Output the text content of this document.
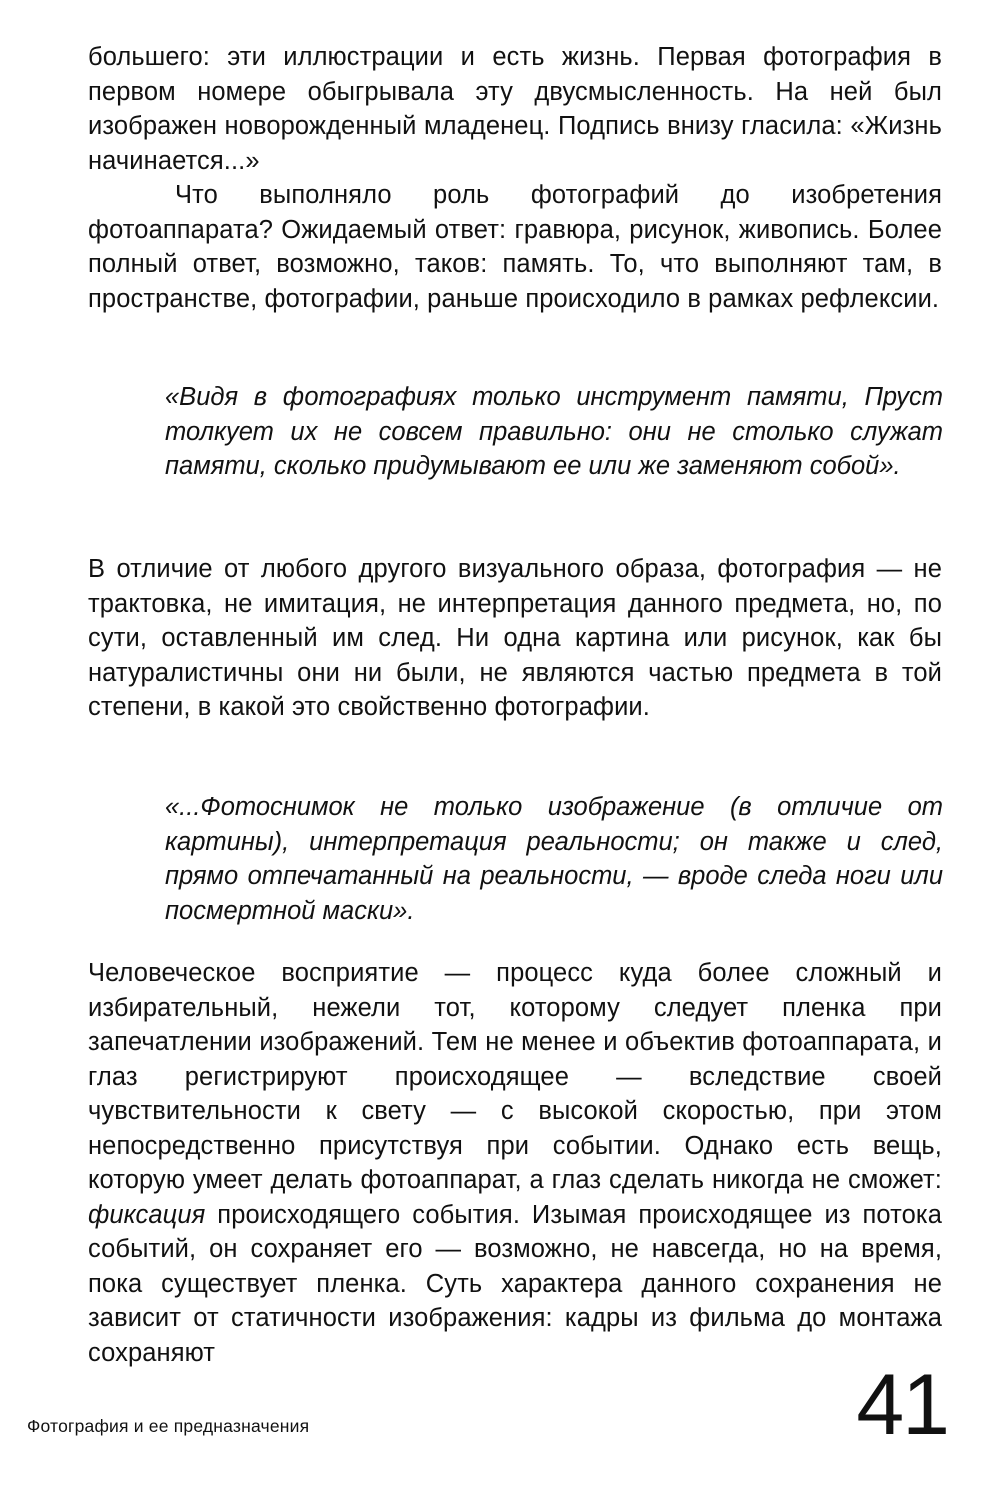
большего: эти иллюстрации и есть жизнь. Первая фотография в первом номере обыгрывала эту двусмысленность. На ней был изображен новорожденный младенец. Подпись внизу гласила: «Жизнь начинается...»

Что выполняло роль фотографий до изобретения фотоаппарата? Ожидаемый ответ: гравюра, рисунок, живопись. Более полный ответ, возможно, таков: память. То, что выполняют там, в пространстве, фотографии, раньше происходило в рамках рефлексии.

«Видя в фотографиях только инструмент памяти, Пруст толкует их не совсем правильно: они не столько служат памяти, сколько придумывают ее или же заменяют собой».

В отличие от любого другого визуального образа, фотография — не трактовка, не имитация, не интерпретация данного предмета, но, по сути, оставленный им след. Ни одна картина или рисунок, как бы натуралистичны они ни были, не являются частью предмета в той степени, в какой это свойственно фотографии.

«...Фотоснимок не только изображение (в отличие от картины), интерпретация реальности; он также и след, прямо отпечатанный на реальности, — вроде следа ноги или посмертной маски».

Человеческое восприятие — процесс куда более сложный и избирательный, нежели тот, которому следует пленка при запечатлении изображений. Тем не менее и объектив фотоаппарата, и глаз регистрируют происходящее — вследствие своей чувствительности к свету — с высокой скоростью, при этом непосредственно присутствуя при событии. Однако есть вещь, которую умеет делать фотоаппарат, а глаз сделать никогда не сможет: фиксация происходящего события. Изымая происходящее из потока событий, он сохраняет его — возможно, не навсегда, но на время, пока существует пленка. Суть характера данного сохранения не зависит от статичности изображения: кадры из фильма до монтажа сохраняют

Фотография и ее предназначения	41
